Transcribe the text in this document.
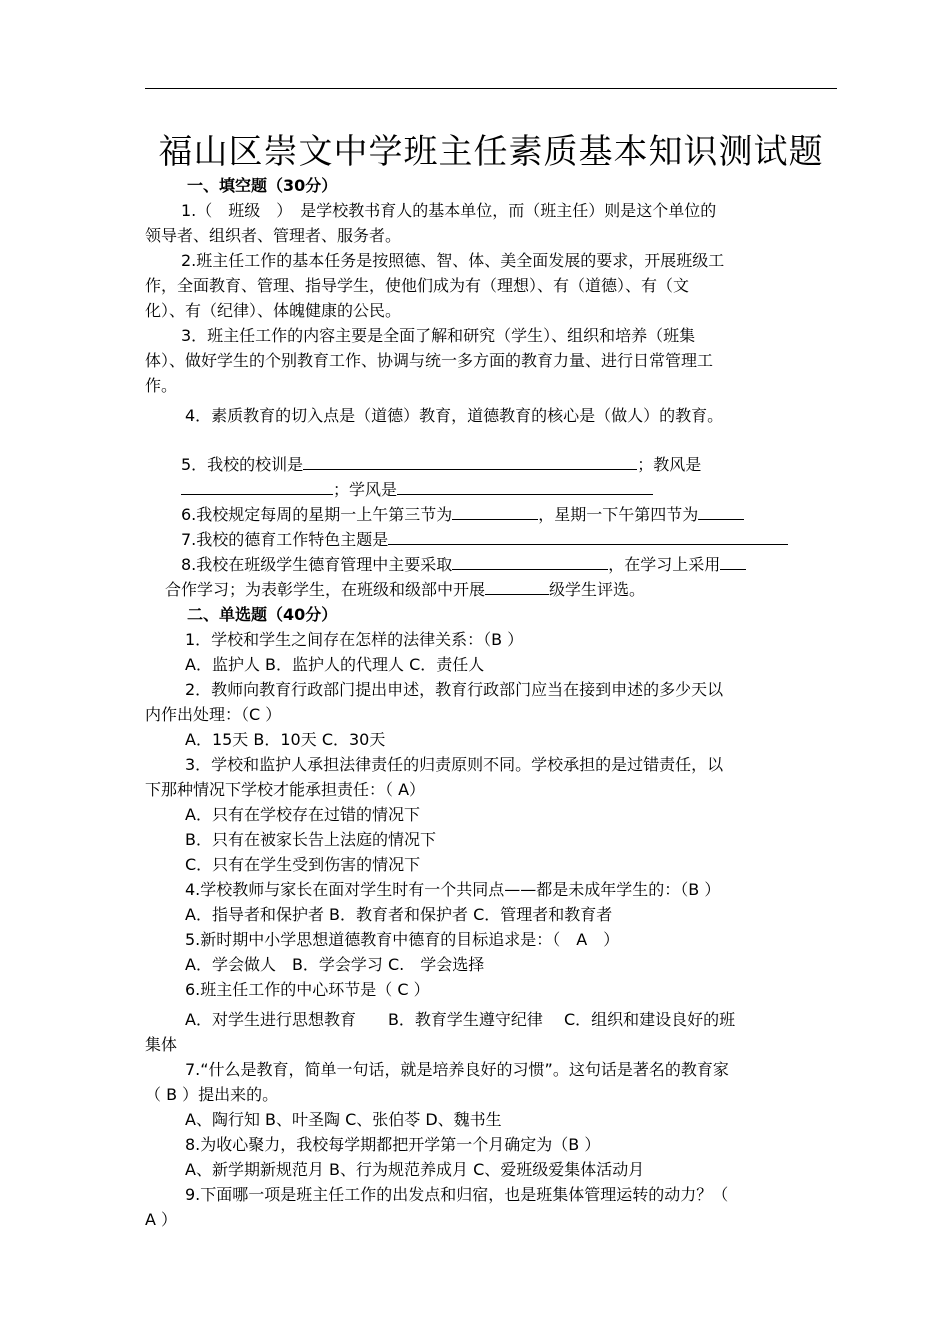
福山区崇文中学班主任素质基本知识测试题
一、填空题（30分）
1.（　班级　）　是学校教书育人的基本单位，而（班主任）则是这个单位的
领导者、组织者、管理者、服务者。
2.班主任工作的基本任务是按照德、智、体、美全面发展的要求，开展班级工
作，全面教育、管理、指导学生，使他们成为有（理想）、有（道德）、有（文
化）、有（纪律）、体魄健康的公民。
3．班主任工作的内容主要是全面了解和研究（学生）、组织和培养（班集
体）、做好学生的个别教育工作、协调与统一多方面的教育力量、进行日常管理工
作。
4．素质教育的切入点是（道德）教育，道德教育的核心是（做人）的教育。
5．我校的校训是	；教风是
；学风是
6.我校规定每周的星期一上午第三节为	，星期一下午第四节为
7.我校的德育工作特色主题是
8.我校在班级学生德育管理中主要采取	，在学习上采用
合作学习；为表彰学生，在班级和级部中开展	级学生评选。
二、单选题（40分）
1．学校和学生之间存在怎样的法律关系：（B ）
A．监护人 B．监护人的代理人 C．责任人
2．教师向教育行政部门提出申述，教育行政部门应当在接到申述的多少天以
内作出处理：（C ）
A．15天 B．10天 C．30天
3．学校和监护人承担法律责任的归责原则不同。学校承担的是过错责任，以
下那种情况下学校才能承担责任：（ A）
A．只有在学校存在过错的情况下
B．只有在被家长告上法庭的情况下
C．只有在学生受到伤害的情况下
4.学校教师与家长在面对学生时有一个共同点——都是未成年学生的：（B ）
A．指导者和保护者 B．教育者和保护者 C．管理者和教育者
5.新时期中小学思想道德教育中德育的目标追求是：（　A　）
A．学会做人　B．学会学习 C.　学会选择
6.班主任工作的中心环节是（ C ）
A．对学生进行思想教育　　B．教育学生遵守纪律　 C．组织和建设良好的班
集体
7.“什么是教育，简单一句话，就是培养良好的习惯”。这句话是著名的教育家
（ B ）提出来的。
A、陶行知 B、叶圣陶 C、张伯苓 D、魏书生
8.为收心聚力，我校每学期都把开学第一个月确定为（B ）
A、新学期新规范月 B、行为规范养成月 C、爱班级爱集体活动月
9.下面哪一项是班主任工作的出发点和归宿，也是班集体管理运转的动力？（
A ）
